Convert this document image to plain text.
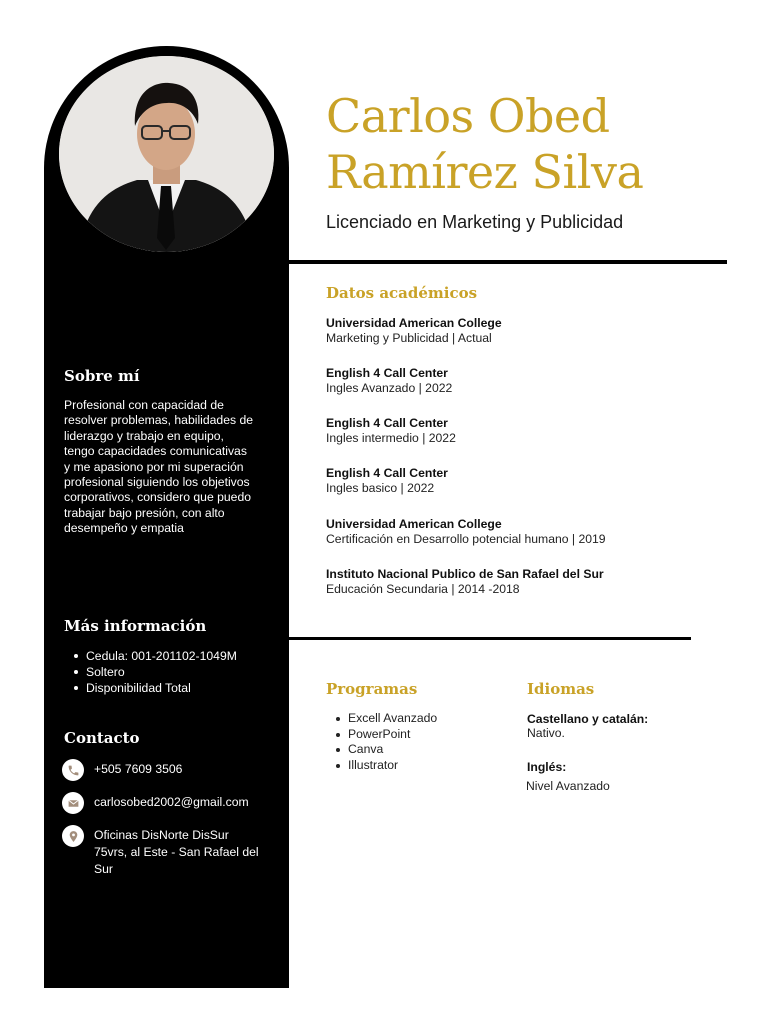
Sobre mí
Profesional con capacidad de resolver problemas, habilidades de liderazgo y trabajo en equipo, tengo capacidades comunicativas y me apasiono por mi superación profesional siguiendo los objetivos corporativos, considero que puedo trabajar bajo presión, con alto desempeño y empatia
Más información
Cedula: 001-201102-1049M
Soltero
Disponibilidad Total
Contacto
+505 7609 3506
carlosobed2002@gmail.com
Oficinas DisNorte DisSur 75vrs, al Este - San Rafael del Sur
Carlos Obed
Ramírez Silva
Licenciado en Marketing y Publicidad
Datos académicos
Universidad American College
Marketing y Publicidad | Actual
English 4 Call Center
Ingles Avanzado | 2022
English 4 Call Center
Ingles intermedio | 2022
English 4 Call Center
Ingles basico | 2022
Universidad American College
Certificación en Desarrollo potencial humano | 2019
Instituto Nacional Publico de San Rafael del Sur
Educación Secundaria | 2014 -2018
Programas
Excell Avanzado
PowerPoint
Canva
Illustrator
Idiomas
Castellano y catalán:
Nativo.
Inglés:
Nivel Avanzado
